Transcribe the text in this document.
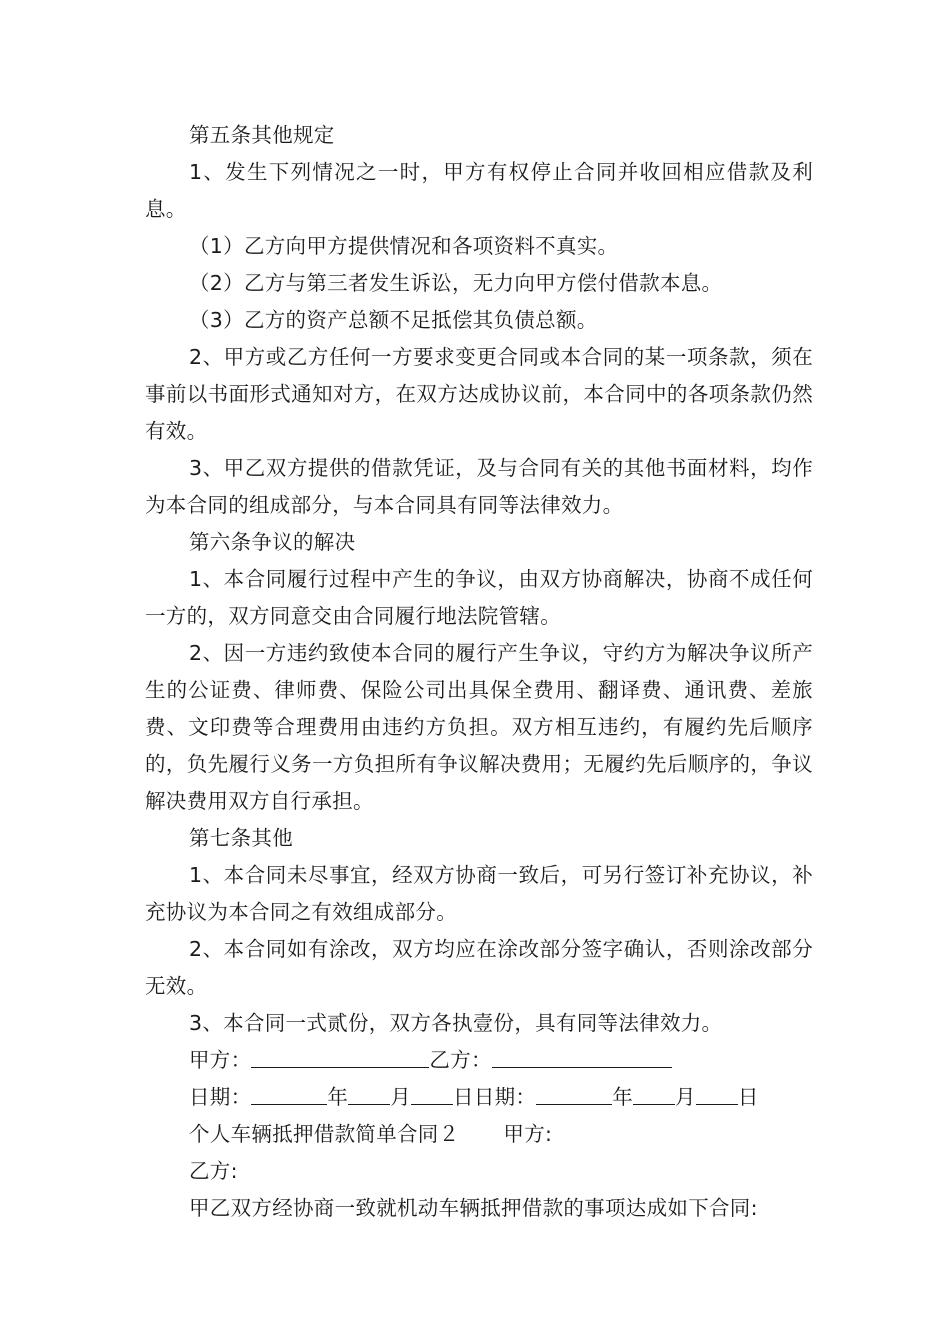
第五条其他规定

1、发生下列情况之一时，甲方有权停止合同并收回相应借款及利息。

（1）乙方向甲方提供情况和各项资料不真实。

（2）乙方与第三者发生诉讼，无力向甲方偿付借款本息。

（3）乙方的资产总额不足抵偿其负债总额。

2、甲方或乙方任何一方要求变更合同或本合同的某一项条款，须在事前以书面形式通知对方，在双方达成协议前，本合同中的各项条款仍然有效。

3、甲乙双方提供的借款凭证，及与合同有关的其他书面材料，均作为本合同的组成部分，与本合同具有同等法律效力。

第六条争议的解决

1、本合同履行过程中产生的争议，由双方协商解决，协商不成任何一方的，双方同意交由合同履行地法院管辖。

2、因一方违约致使本合同的履行产生争议，守约方为解决争议所产生的公证费、律师费、保险公司出具保全费用、翻译费、通讯费、差旅费、文印费等合理费用由违约方负担。双方相互违约，有履约先后顺序的，负先履行义务一方负担所有争议解决费用；无履约先后顺序的，争议解决费用双方自行承担。

第七条其他

1、本合同未尽事宜，经双方协商一致后，可另行签订补充协议，补充协议为本合同之有效组成部分。

2、本合同如有涂改，双方均应在涂改部分签字确认，否则涂改部分无效。

3、本合同一式贰份，双方各执壹份，具有同等法律效力。

甲方：	乙方：

日期：	年 月 日日期：	年 月 日

个人车辆抵押借款简单合同２ 甲方:

乙方:

甲乙双方经协商一致就机动车辆抵押借款的事项达成如下合同:
